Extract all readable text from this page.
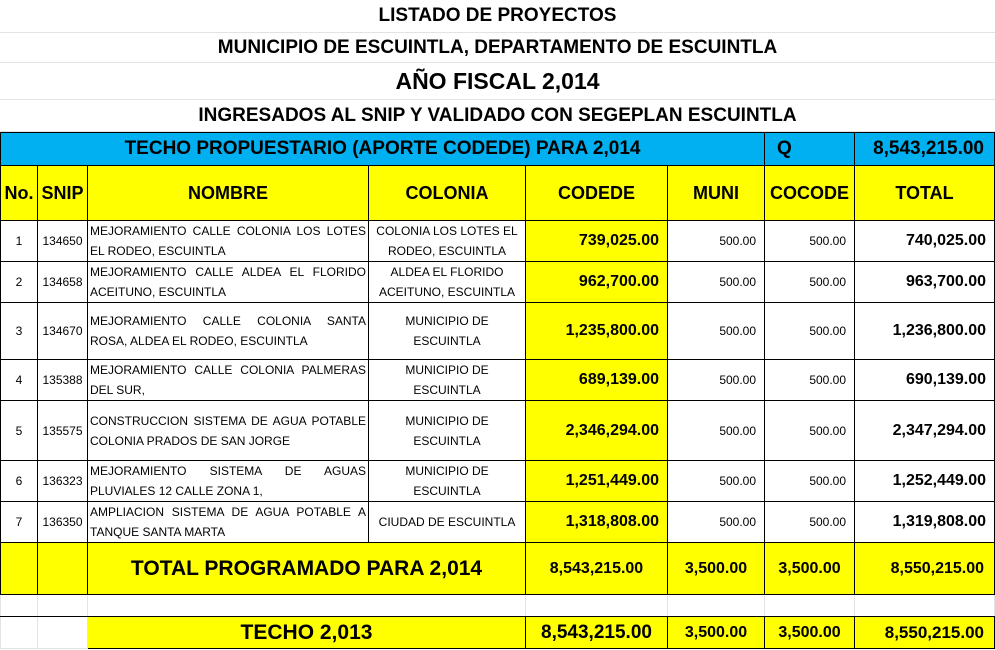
LISTADO DE PROYECTOS
MUNICIPIO DE ESCUINTLA, DEPARTAMENTO DE ESCUINTLA
AÑO FISCAL 2,014
INGRESADOS AL SNIP Y VALIDADO CON SEGEPLAN ESCUINTLA
TECHO PROPUESTARIO (APORTE CODEDE) PARA 2,014						Q	8,543,215.00
No.	SNIP	NOMBRE	COLONIA	CODEDE	MUNI	COCODE	TOTAL
1	134650	MEJORAMIENTO CALLE COLONIA LOS LOTES EL RODEO, ESCUINTLA	COLONIA LOS LOTES EL RODEO, ESCUINTLA	739,025.00	500.00	500.00	740,025.00
2	134658	MEJORAMIENTO CALLE ALDEA EL FLORIDO ACEITUNO, ESCUINTLA	ALDEA EL FLORIDO ACEITUNO, ESCUINTLA	962,700.00	500.00	500.00	963,700.00
3	134670	MEJORAMIENTO CALLE COLONIA SANTA ROSA, ALDEA EL RODEO, ESCUINTLA	MUNICIPIO DE ESCUINTLA	1,235,800.00	500.00	500.00	1,236,800.00
4	135388	MEJORAMIENTO CALLE COLONIA PALMERAS DEL SUR,	MUNICIPIO DE ESCUINTLA	689,139.00	500.00	500.00	690,139.00
5	135575	CONSTRUCCION SISTEMA DE AGUA POTABLE COLONIA PRADOS DE SAN JORGE	MUNICIPIO DE ESCUINTLA	2,346,294.00	500.00	500.00	2,347,294.00
6	136323	MEJORAMIENTO SISTEMA DE AGUAS PLUVIALES 12 CALLE ZONA 1,	MUNICIPIO DE ESCUINTLA	1,251,449.00	500.00	500.00	1,252,449.00
7	136350	AMPLIACION SISTEMA DE AGUA POTABLE A TANQUE SANTA MARTA	CIUDAD DE ESCUINTLA	1,318,808.00	500.00	500.00	1,319,808.00
		TOTAL PROGRAMADO PARA 2,014		8,543,215.00	3,500.00	3,500.00	8,550,215.00

		TECHO 2,013		8,543,215.00	3,500.00	3,500.00	8,550,215.00
